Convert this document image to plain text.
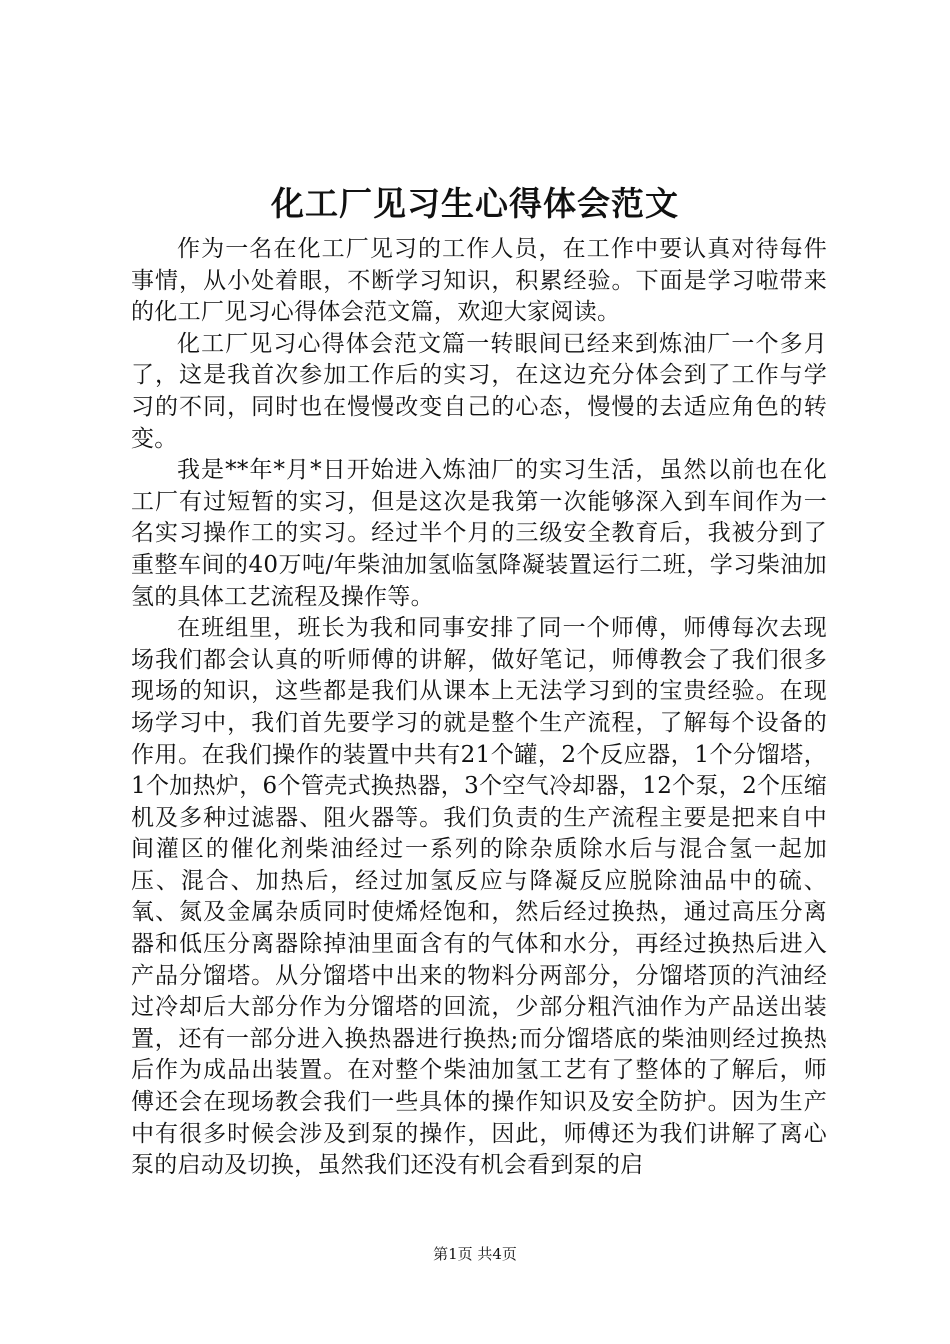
化工厂见习生心得体会范文

作为一名在化工厂见习的工作人员，在工作中要认真对待每件事情，从小处着眼，不断学习知识，积累经验。下面是学习啦带来的化工厂见习心得体会范文篇，欢迎大家阅读。

化工厂见习心得体会范文篇一转眼间已经来到炼油厂一个多月了，这是我首次参加工作后的实习，在这边充分体会到了工作与学习的不同，同时也在慢慢改变自己的心态，慢慢的去适应角色的转变。

我是**年*月*日开始进入炼油厂的实习生活，虽然以前也在化工厂有过短暂的实习，但是这次是我第一次能够深入到车间作为一名实习操作工的实习。经过半个月的三级安全教育后，我被分到了重整车间的40万吨/年柴油加氢临氢降凝装置运行二班，学习柴油加氢的具体工艺流程及操作等。

在班组里，班长为我和同事安排了同一个师傅，师傅每次去现场我们都会认真的听师傅的讲解，做好笔记，师傅教会了我们很多现场的知识，这些都是我们从课本上无法学习到的宝贵经验。在现场学习中，我们首先要学习的就是整个生产流程，了解每个设备的作用。在我们操作的装置中共有21个罐，2个反应器，1个分馏塔，1个加热炉，6个管壳式换热器，3个空气冷却器，12个泵，2个压缩机及多种过滤器、阻火器等。我们负责的生产流程主要是把来自中间灌区的催化剂柴油经过一系列的除杂质除水后与混合氢一起加压、混合、加热后，经过加氢反应与降凝反应脱除油品中的硫、氧、氮及金属杂质同时使烯烃饱和，然后经过换热，通过高压分离器和低压分离器除掉油里面含有的气体和水分，再经过换热后进入产品分馏塔。从分馏塔中出来的物料分两部分，分馏塔顶的汽油经过冷却后大部分作为分馏塔的回流，少部分粗汽油作为产品送出装置，还有一部分进入换热器进行换热;而分馏塔底的柴油则经过换热后作为成品出装置。在对整个柴油加氢工艺有了整体的了解后，师傅还会在现场教会我们一些具体的操作知识及安全防护。因为生产中有很多时候会涉及到泵的操作，因此，师傅还为我们讲解了离心泵的启动及切换，虽然我们还没有机会看到泵的启

第1页 共4页
